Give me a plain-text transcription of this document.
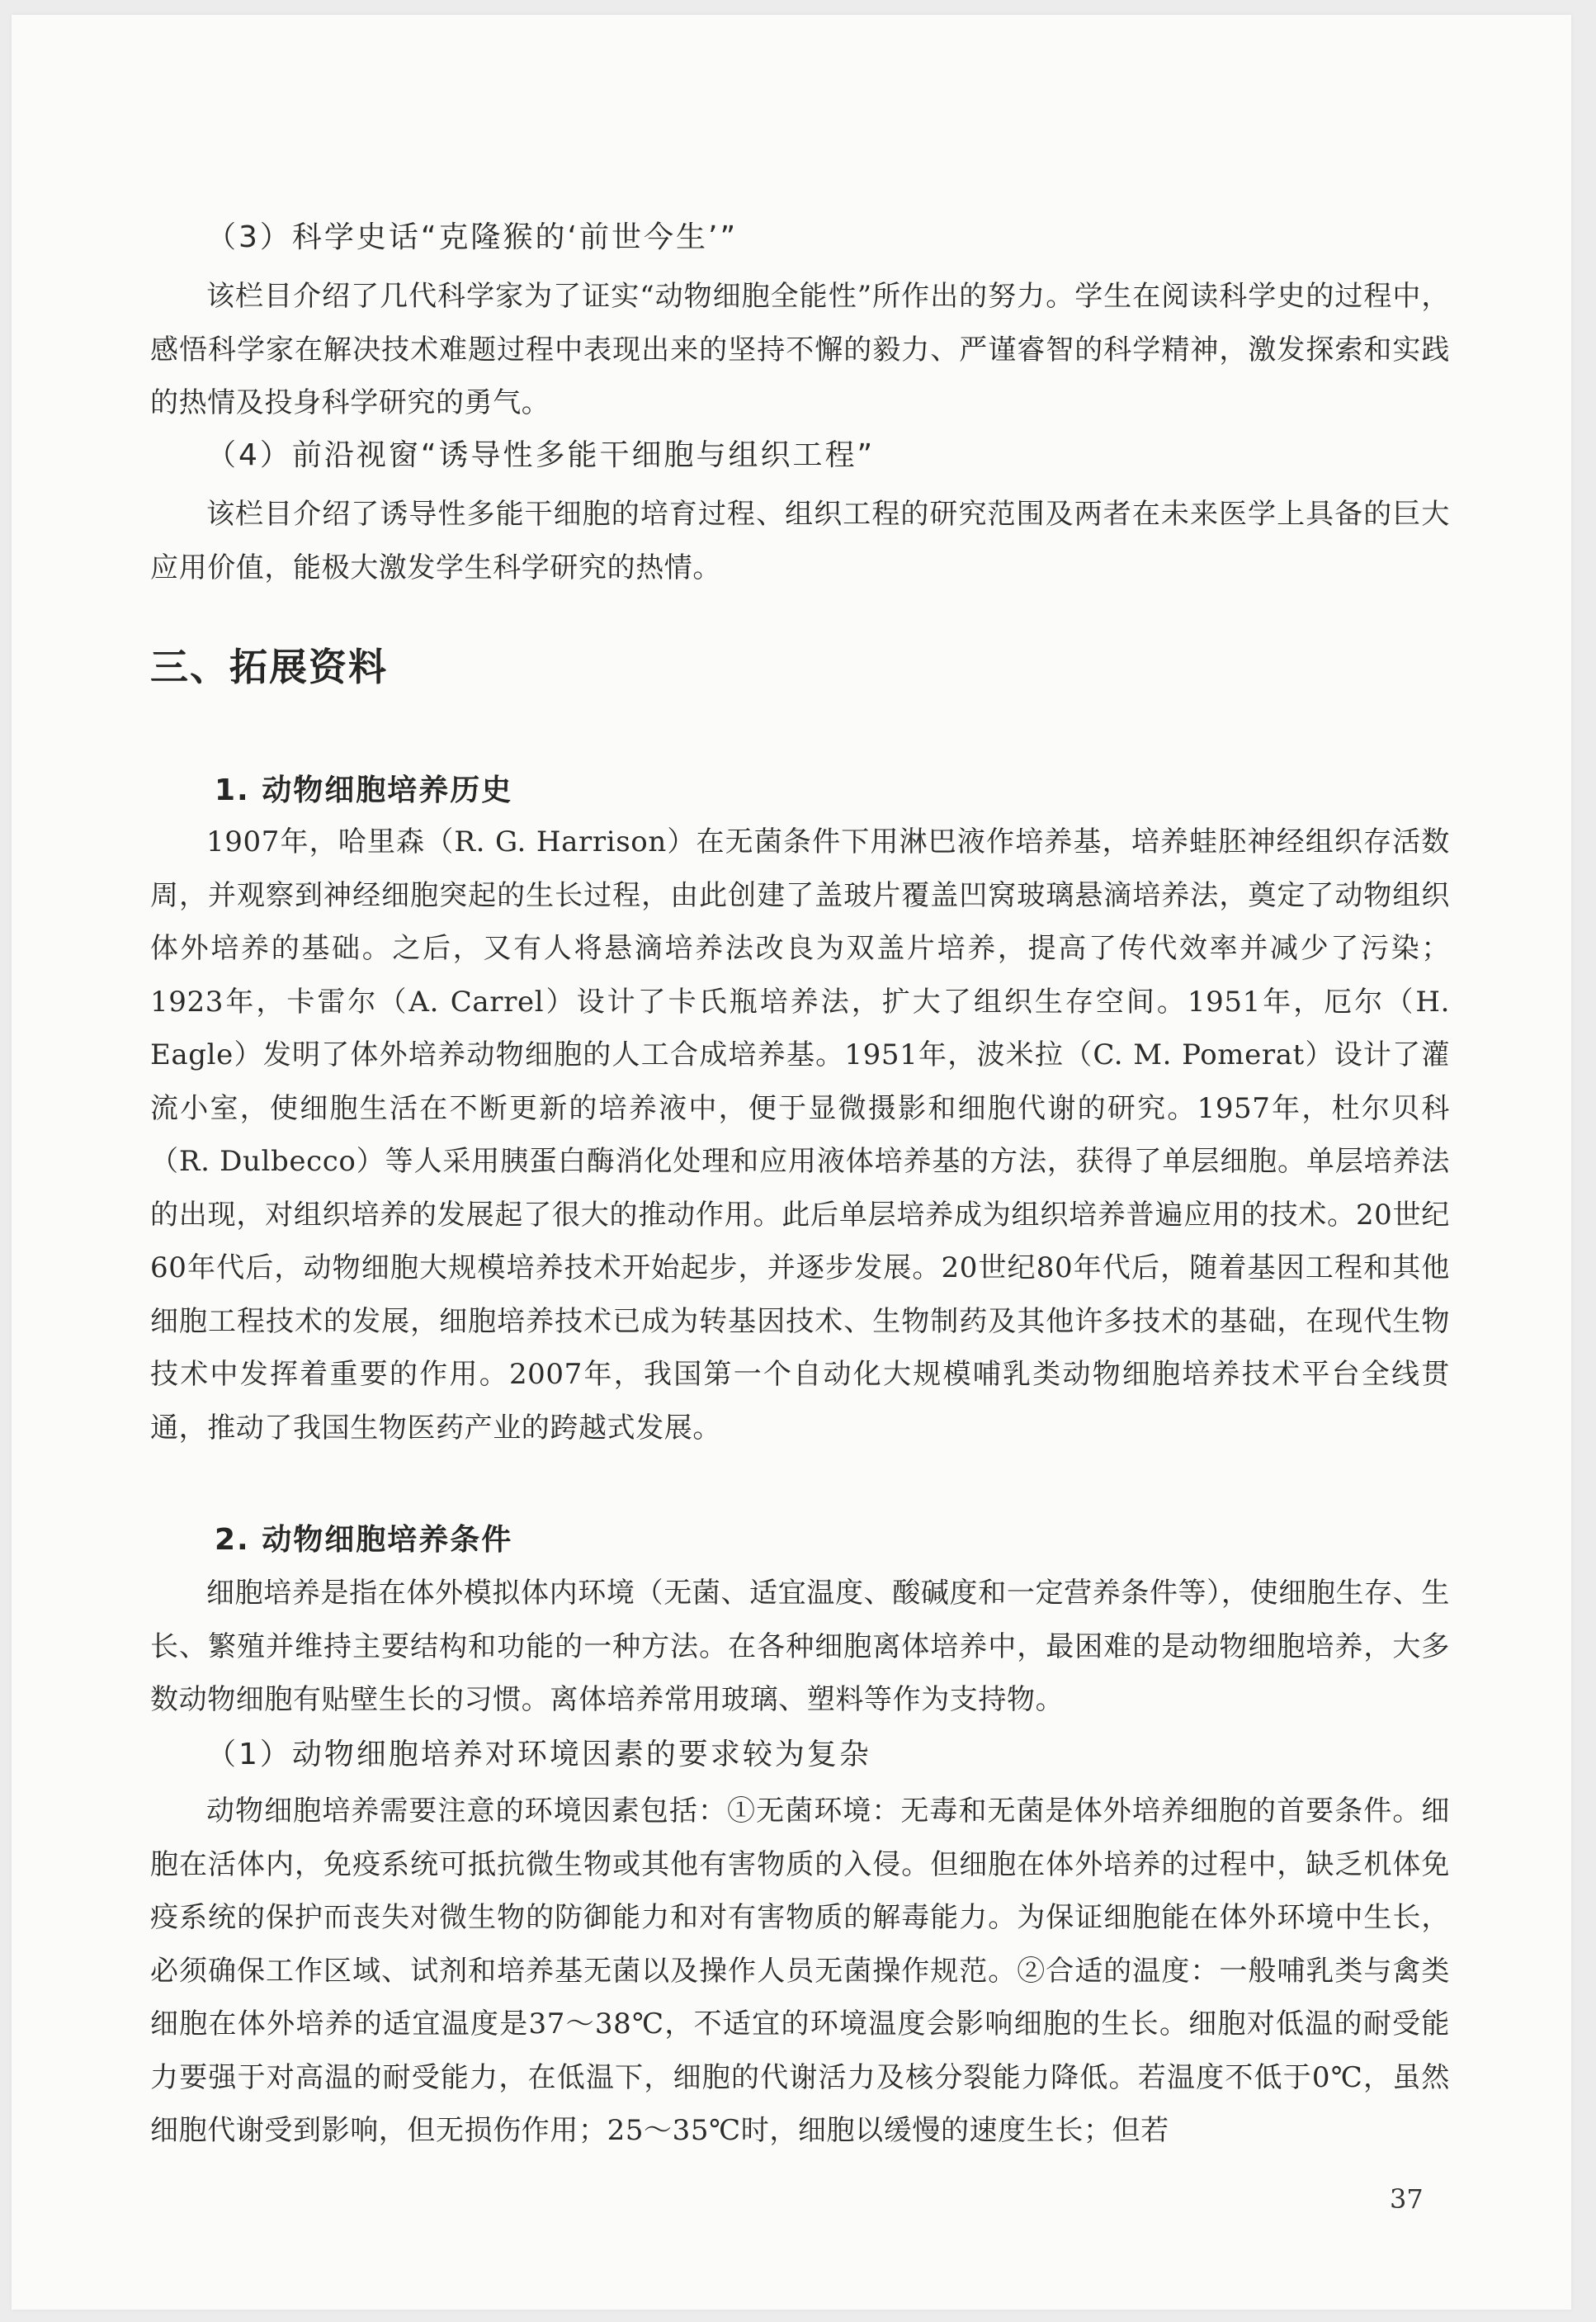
（3）科学史话“克隆猴的‘前世今生’”

该栏目介绍了几代科学家为了证实“动物细胞全能性”所作出的努力。学生在阅读科学史的过程中，感悟科学家在解决技术难题过程中表现出来的坚持不懈的毅力、严谨睿智的科学精神，激发探索和实践的热情及投身科学研究的勇气。

（4）前沿视窗“诱导性多能干细胞与组织工程”

该栏目介绍了诱导性多能干细胞的培育过程、组织工程的研究范围及两者在未来医学上具备的巨大应用价值，能极大激发学生科学研究的热情。

三、拓展资料
1. 动物细胞培养历史

1907年，哈里森（R. G. Harrison）在无菌条件下用淋巴液作培养基，培养蛙胚神经组织存活数周，并观察到神经细胞突起的生长过程，由此创建了盖玻片覆盖凹窝玻璃悬滴培养法，奠定了动物组织体外培养的基础。之后，又有人将悬滴培养法改良为双盖片培养，提高了传代效率并减少了污染；1923年，卡雷尔（A. Carrel）设计了卡氏瓶培养法，扩大了组织生存空间。1951年，厄尔（H. Eagle）发明了体外培养动物细胞的人工合成培养基。1951年，波米拉（C. M. Pomerat）设计了灌流小室，使细胞生活在不断更新的培养液中，便于显微摄影和细胞代谢的研究。1957年，杜尔贝科（R. Dulbecco）等人采用胰蛋白酶消化处理和应用液体培养基的方法，获得了单层细胞。单层培养法的出现，对组织培养的发展起了很大的推动作用。此后单层培养成为组织培养普遍应用的技术。20世纪60年代后，动物细胞大规模培养技术开始起步，并逐步发展。20世纪80年代后，随着基因工程和其他细胞工程技术的发展，细胞培养技术已成为转基因技术、生物制药及其他许多技术的基础，在现代生物技术中发挥着重要的作用。2007年，我国第一个自动化大规模哺乳类动物细胞培养技术平台全线贯通，推动了我国生物医药产业的跨越式发展。

2. 动物细胞培养条件

细胞培养是指在体外模拟体内环境（无菌、适宜温度、酸碱度和一定营养条件等），使细胞生存、生长、繁殖并维持主要结构和功能的一种方法。在各种细胞离体培养中，最困难的是动物细胞培养，大多数动物细胞有贴壁生长的习惯。离体培养常用玻璃、塑料等作为支持物。

（1）动物细胞培养对环境因素的要求较为复杂

动物细胞培养需要注意的环境因素包括：①无菌环境：无毒和无菌是体外培养细胞的首要条件。细胞在活体内，免疫系统可抵抗微生物或其他有害物质的入侵。但细胞在体外培养的过程中，缺乏机体免疫系统的保护而丧失对微生物的防御能力和对有害物质的解毒能力。为保证细胞能在体外环境中生长，必须确保工作区域、试剂和培养基无菌以及操作人员无菌操作规范。②合适的温度：一般哺乳类与禽类细胞在体外培养的适宜温度是37～38℃，不适宜的环境温度会影响细胞的生长。细胞对低温的耐受能力要强于对高温的耐受能力，在低温下，细胞的代谢活力及核分裂能力降低。若温度不低于0℃，虽然细胞代谢受到影响，但无损伤作用；25～35℃时，细胞以缓慢的速度生长；但若

37
